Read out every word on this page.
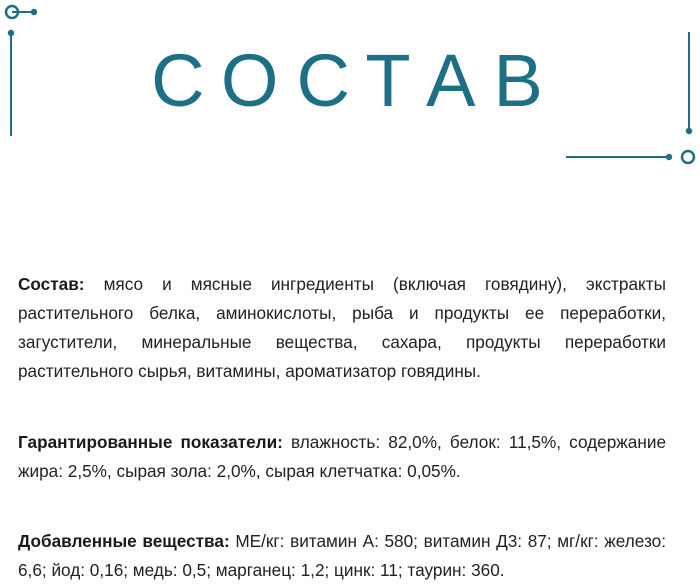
СОСТАВ
Состав: мясо и мясные ингредиенты (включая говядину), экстракты растительного белка, аминокислоты, рыба и продукты ее переработки, загустители, минеральные вещества, сахара, продукты переработки растительного сырья, витамины, ароматизатор говядины.
Гарантированные показатели: влажность: 82,0%, белок: 11,5%, содержание жира: 2,5%, сырая зола: 2,0%, сырая клетчатка: 0,05%.
Добавленные вещества: МЕ/кг: витамин А: 580; витамин Д3: 87; мг/кг: железо: 6,6; йод: 0,16; медь: 0,5; марганец: 1,2; цинк: 11; таурин: 360.
